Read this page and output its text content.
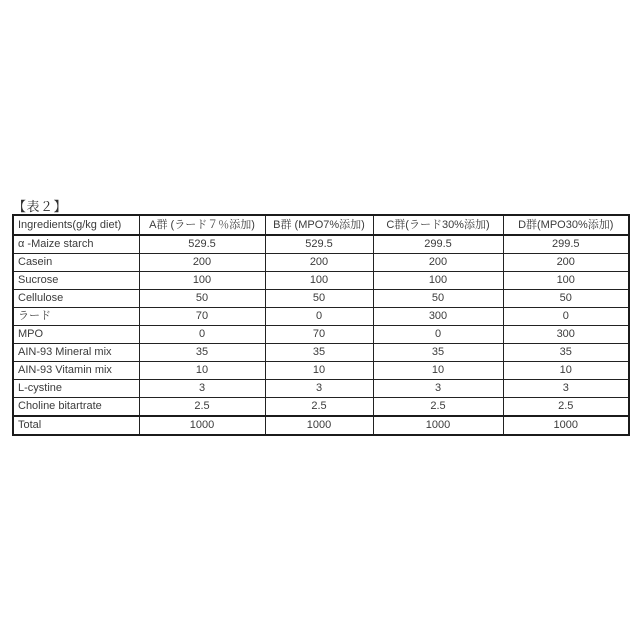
【表２】
Ingredients(g/kg diet)	A群 (ラード７％添加)	B群 (MPO7%添加)	C群(ラード30%添加)	D群(MPO30%添加)
α -Maize starch	529.5	529.5	299.5	299.5
Casein	200	200	200	200
Sucrose	100	100	100	100
Cellulose	50	50	50	50
ラード	70	0	300	0
MPO	0	70	0	300
AIN-93 Mineral mix	35	35	35	35
AIN-93 Vitamin mix	10	10	10	10
L-cystine	3	3	3	3
Choline bitartrate	2.5	2.5	2.5	2.5
Total	1000	1000	1000	1000
